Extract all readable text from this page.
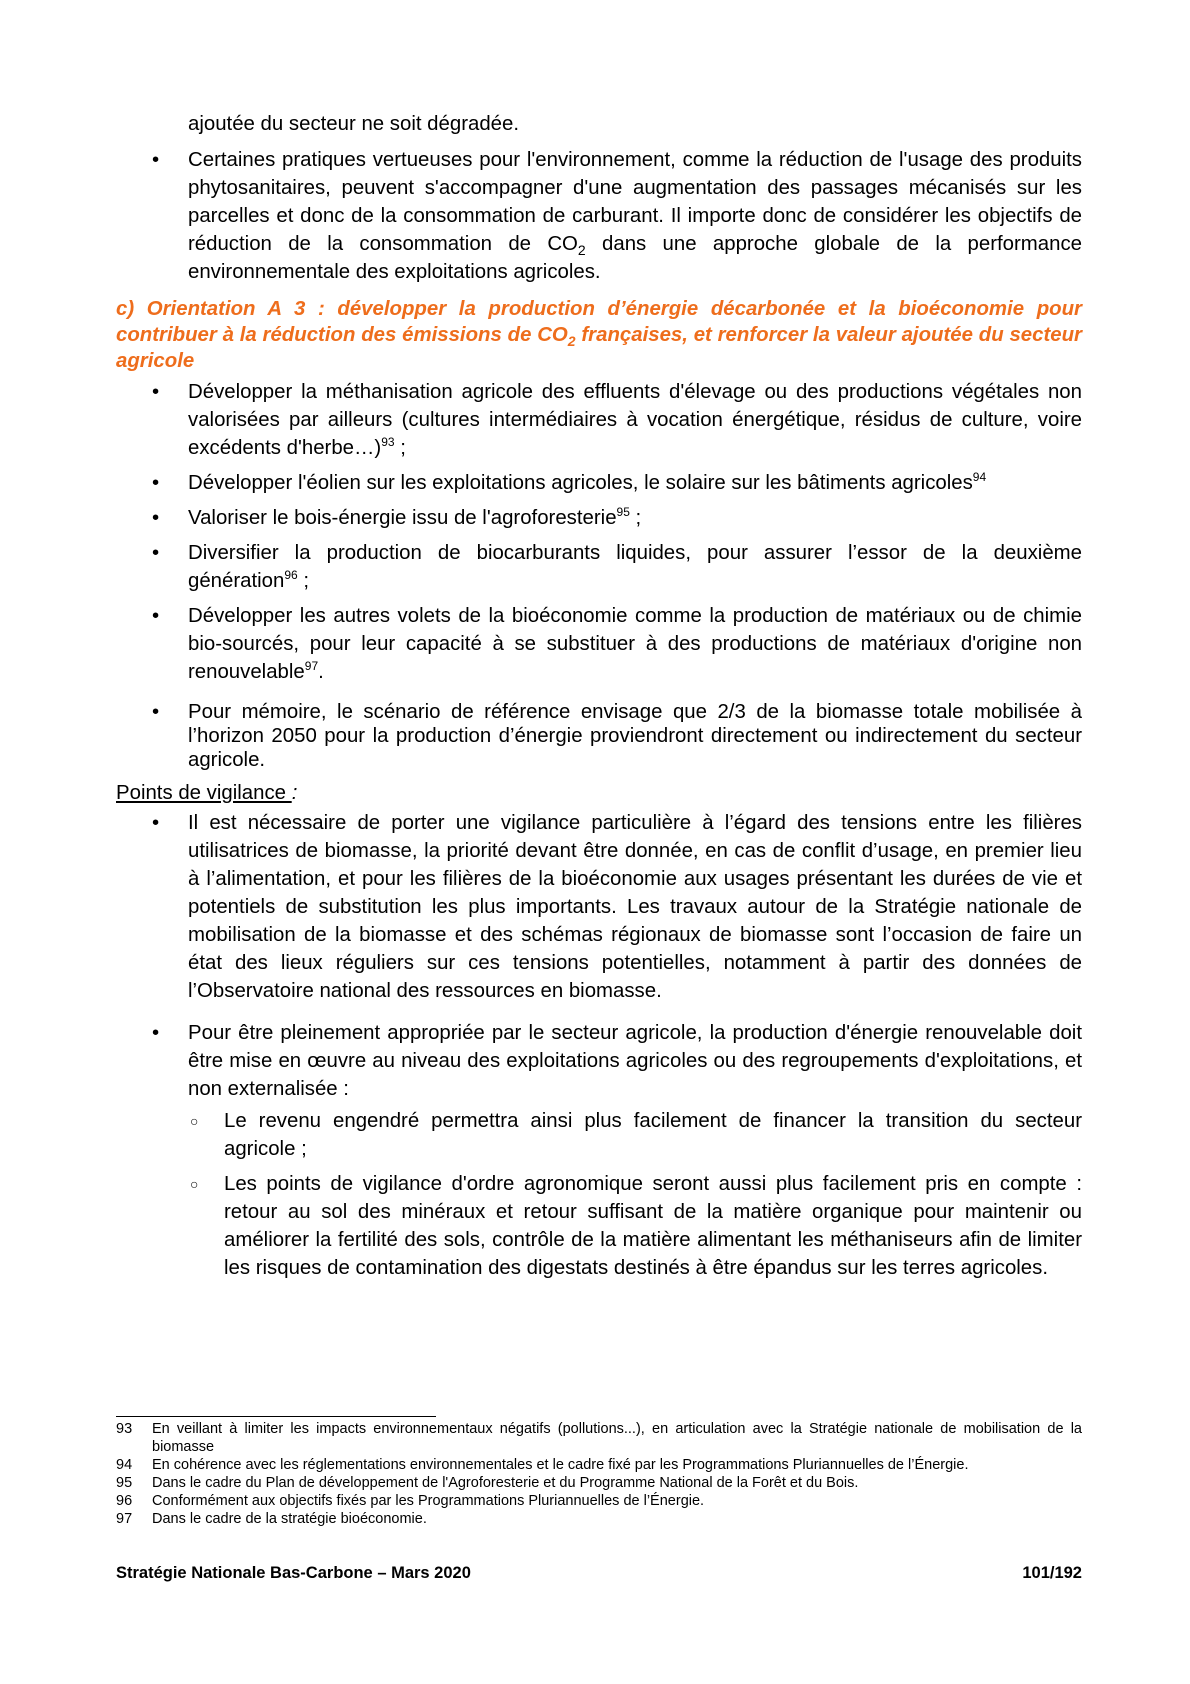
ajoutée du secteur ne soit dégradée.

• Certaines pratiques vertueuses pour l'environnement, comme la réduction de l'usage des produits phytosanitaires, peuvent s'accompagner d'une augmentation des passages mécanisés sur les parcelles et donc de la consommation de carburant. Il importe donc de considérer les objectifs de réduction de la consommation de $CO_2$ dans une approche globale de la performance environnementale des exploitations agricoles.

c) Orientation A 3 : développer la production d’énergie décarbonée et la bioéconomie pour contribuer à la réduction des émissions de $CO_2$ françaises, et renforcer la valeur ajoutée du secteur agricole

• Développer la méthanisation agricole des effluents d'élevage ou des productions végétales non valorisées par ailleurs (cultures intermédiaires à vocation énergétique, résidus de culture, voire excédents d'herbe…)$^{93}$ ;
• Développer l'éolien sur les exploitations agricoles, le solaire sur les bâtiments agricoles$^{94}$
• Valoriser le bois-énergie issu de l'agroforesterie$^{95}$ ;
• Diversifier la production de biocarburants liquides, pour assurer l’essor de la deuxième génération$^{96}$ ;
• Développer les autres volets de la bioéconomie comme la production de matériaux ou de chimie bio-sourcés, pour leur capacité à se substituer à des productions de matériaux d'origine non renouvelable$^{97}$.
• Pour mémoire, le scénario de référence envisage que 2/3 de la biomasse totale mobilisée à l’horizon 2050 pour la production d’énergie proviendront directement ou indirectement du secteur agricole.

Points de vigilance :

• Il est nécessaire de porter une vigilance particulière à l’égard des tensions entre les filières utilisatrices de biomasse, la priorité devant être donnée, en cas de conflit d’usage, en premier lieu à l’alimentation, et pour les filières de la bioéconomie aux usages présentant les durées de vie et potentiels de substitution les plus importants. Les travaux autour de la Stratégie nationale de mobilisation de la biomasse et des schémas régionaux de biomasse sont l’occasion de faire un état des lieux réguliers sur ces tensions potentielles, notamment à partir des données de l’Observatoire national des ressources en biomasse.
• Pour être pleinement appropriée par le secteur agricole, la production d'énergie renouvelable doit être mise en œuvre au niveau des exploitations agricoles ou des regroupements d'exploitations, et non externalisée :
○ Le revenu engendré permettra ainsi plus facilement de financer la transition du secteur agricole ;
○ Les points de vigilance d'ordre agronomique seront aussi plus facilement pris en compte : retour au sol des minéraux et retour suffisant de la matière organique pour maintenir ou améliorer la fertilité des sols, contrôle de la matière alimentant les méthaniseurs afin de limiter les risques de contamination des digestats destinés à être épandus sur les terres agricoles.
93 En veillant à limiter les impacts environnementaux négatifs (pollutions...), en articulation avec la Stratégie nationale de mobilisation de la biomasse
94 En cohérence avec les réglementations environnementales et le cadre fixé par les Programmations Pluriannuelles de l’Énergie.
95 Dans le cadre du Plan de développement de l'Agroforesterie et du Programme National de la Forêt et du Bois.
96 Conformément aux objectifs fixés par les Programmations Pluriannuelles de l’Énergie.
97 Dans le cadre de la stratégie bioéconomie.
Stratégie Nationale Bas-Carbone – Mars 2020	101/192
